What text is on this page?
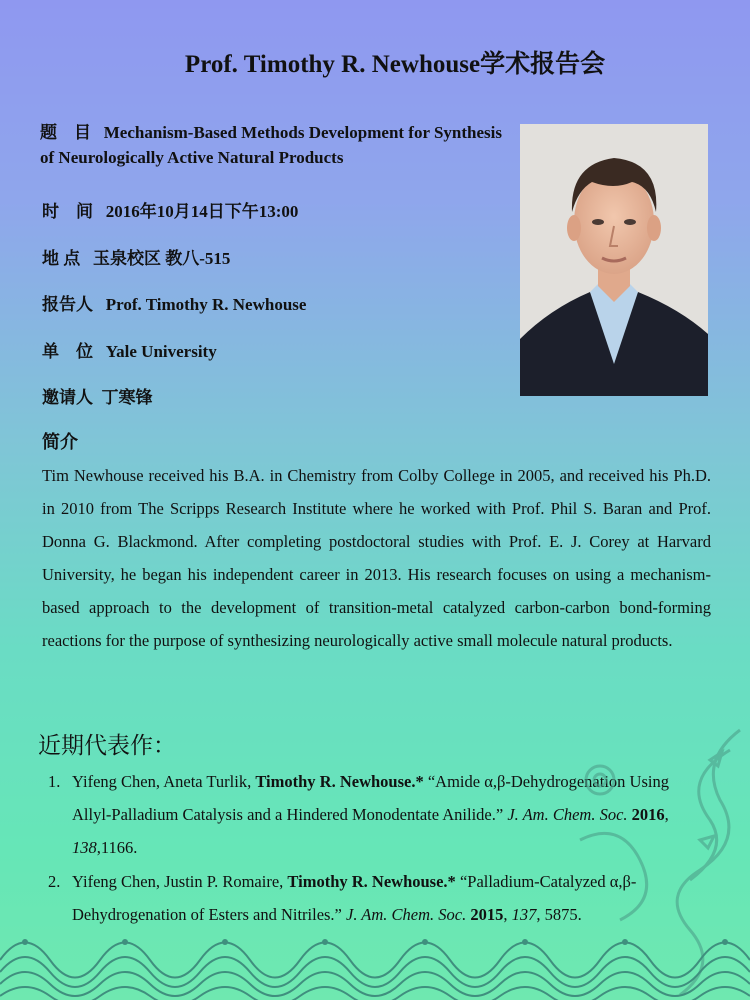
Prof. Timothy R. Newhouse学术报告会
题　目 Mechanism-Based Methods Development for Synthesis of Neurologically Active Natural Products
时　间 2016年10月14日下午13:00
地 点 玉泉校区 教八-515
报告人 Prof. Timothy R. Newhouse
单　位 Yale University
邀请人 丁寒锋
简介
Tim Newhouse received his B.A. in Chemistry from Colby College in 2005, and received his Ph.D. in 2010 from The Scripps Research Institute where he worked with Prof. Phil S. Baran and Prof. Donna G. Blackmond. After completing postdoctoral studies with Prof. E. J. Corey at Harvard University, he began his independent career in 2013. His research focuses on using a mechanism-based approach to the development of transition-metal catalyzed carbon-carbon bond-forming reactions for the purpose of synthesizing neurologically active small molecule natural products.
近期代表作：
1. Yifeng Chen, Aneta Turlik, Timothy R. Newhouse.* “Amide α,β-Dehydrogenation Using Allyl-Palladium Catalysis and a Hindered Monodentate Anilide.” J. Am. Chem. Soc. 2016, 138,1166.
2. Yifeng Chen, Justin P. Romaire, Timothy R. Newhouse.* “Palladium-Catalyzed α,β-Dehydrogenation of Esters and Nitriles.” J. Am. Chem. Soc. 2015, 137, 5875.
